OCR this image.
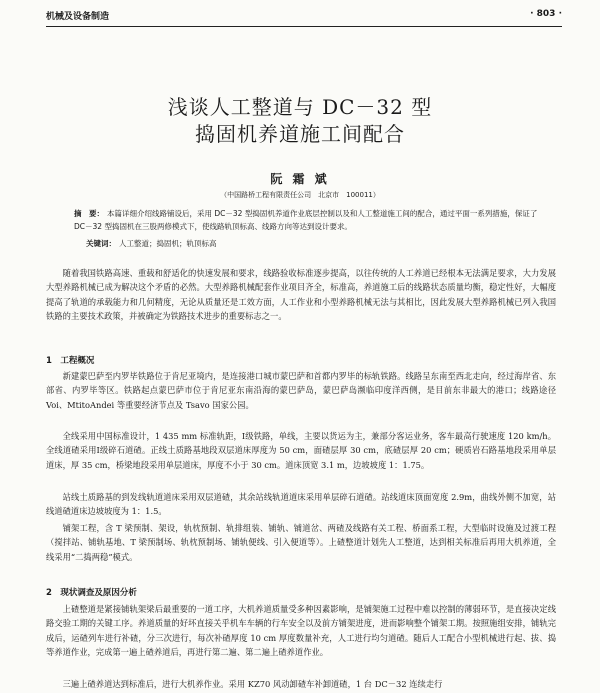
机械及设备制造	· 803 ·
浅谈人工整道与 DC－32 型
捣固机养道施工间配合
阮 霜 斌
（中国路桥工程有限责任公司　北京市　100011）
摘　要： 本篇详细介绍线路铺设后，采用 DC－32 型捣固机养道作业底层控制以及和人工整道施工间的配合，通过平面一系列措施，保证了 DC－32 型捣固机在三股两修模式下，使线路轨顶标高、线路方向等达到设计要求。
关键词： 人工整道；捣固机；轨顶标高
随着我国铁路高速、重载和舒适化的快速发展和要求，线路验收标准逐步提高，以往传统的人工养道已经根本无法满足要求，大力发展大型养路机械已成为解决这个矛盾的必然。大型养路机械配套作业项目齐全，标准高，养道施工后的线路状态质量均衡，稳定性好，大幅度提高了轨道的承载能力和几何精度，无论从质量还是工效方面，人工作业和小型养路机械无法与其相比，因此发展大型养路机械已列入我国铁路的主要技术政策，并被确定为铁路技术进步的重要标志之一。
1　工程概况
新建蒙巴萨至内罗毕铁路位于肯尼亚境内，是连接港口城市蒙巴萨和首都内罗毕的标轨铁路。线路呈东南至西北走向，经过海岸省、东部省、内罗毕等区。铁路起点蒙巴萨市位于肯尼亚东南沿海的蒙巴萨岛，蒙巴萨岛濒临印度洋西侧，是目前东非最大的港口；线路途径 Voi、MtitoAndei 等重要经济节点及 Tsavo 国家公园。
全线采用中国标准设计，1 435 mm 标准轨距，Ⅰ级铁路，单线，主要以货运为主，兼部分客运业务，客车最高行驶速度 120 km/h。全线道碴采用Ⅰ级碎石道碴。正线土质路基地段双层道床厚度为 50 cm，面碴层厚 30 cm，底碴层厚 20 cm；硬质岩石路基地段采用单层道床，厚 35 cm，桥梁地段采用单层道床，厚度不小于 30 cm。道床顶宽 3.1 m，边坡坡度 1：1.75。
站线土质路基的到发线轨道道床采用双层道碴，其余站线轨道道床采用单层碎石道碴。站线道床顶面宽度 2.9m，曲线外侧不加宽，站线道碴道床边坡坡度为 1：1.5。
铺架工程，含 T 梁预制、架设，轨枕预制、轨排组装、铺轨、铺道岔、两碴及线路有关工程、桥面系工程，大型临时设施及过渡工程（搅拌站、铺轨基地、T 梁预制场、轨枕预制场、铺轨便线、引入便道等）。上碴整道计划先人工整道，达到相关标准后再用大机养道，全线采用“二捣两稳”模式。
2　现状调查及原因分析
上碴整道是紧接铺轨架梁后最重要的一道工序，大机养道质量受多种因素影响，是铺架施工过程中难以控制的薄弱环节，是直接决定线路交验工期的关键工序。养道质量的好坏直接关乎机车车辆的行车安全以及前方铺架进度，进而影响整个铺架工期。按照施组安排，铺轨完成后，运碴列车进行补碴，分三次进行，每次补碴厚度 10 cm 厚度数量补充，人工进行均匀道碴。随后人工配合小型机械进行起、拔、捣等养道作业，完成第一遍上碴养道后，再进行第二遍、第二遍上碴养道作业。
三遍上碴养道达到标准后，进行大机养作业。采用 KZ70 风动卸碴车补卸道碴，1 台 DC－32 连续走行
